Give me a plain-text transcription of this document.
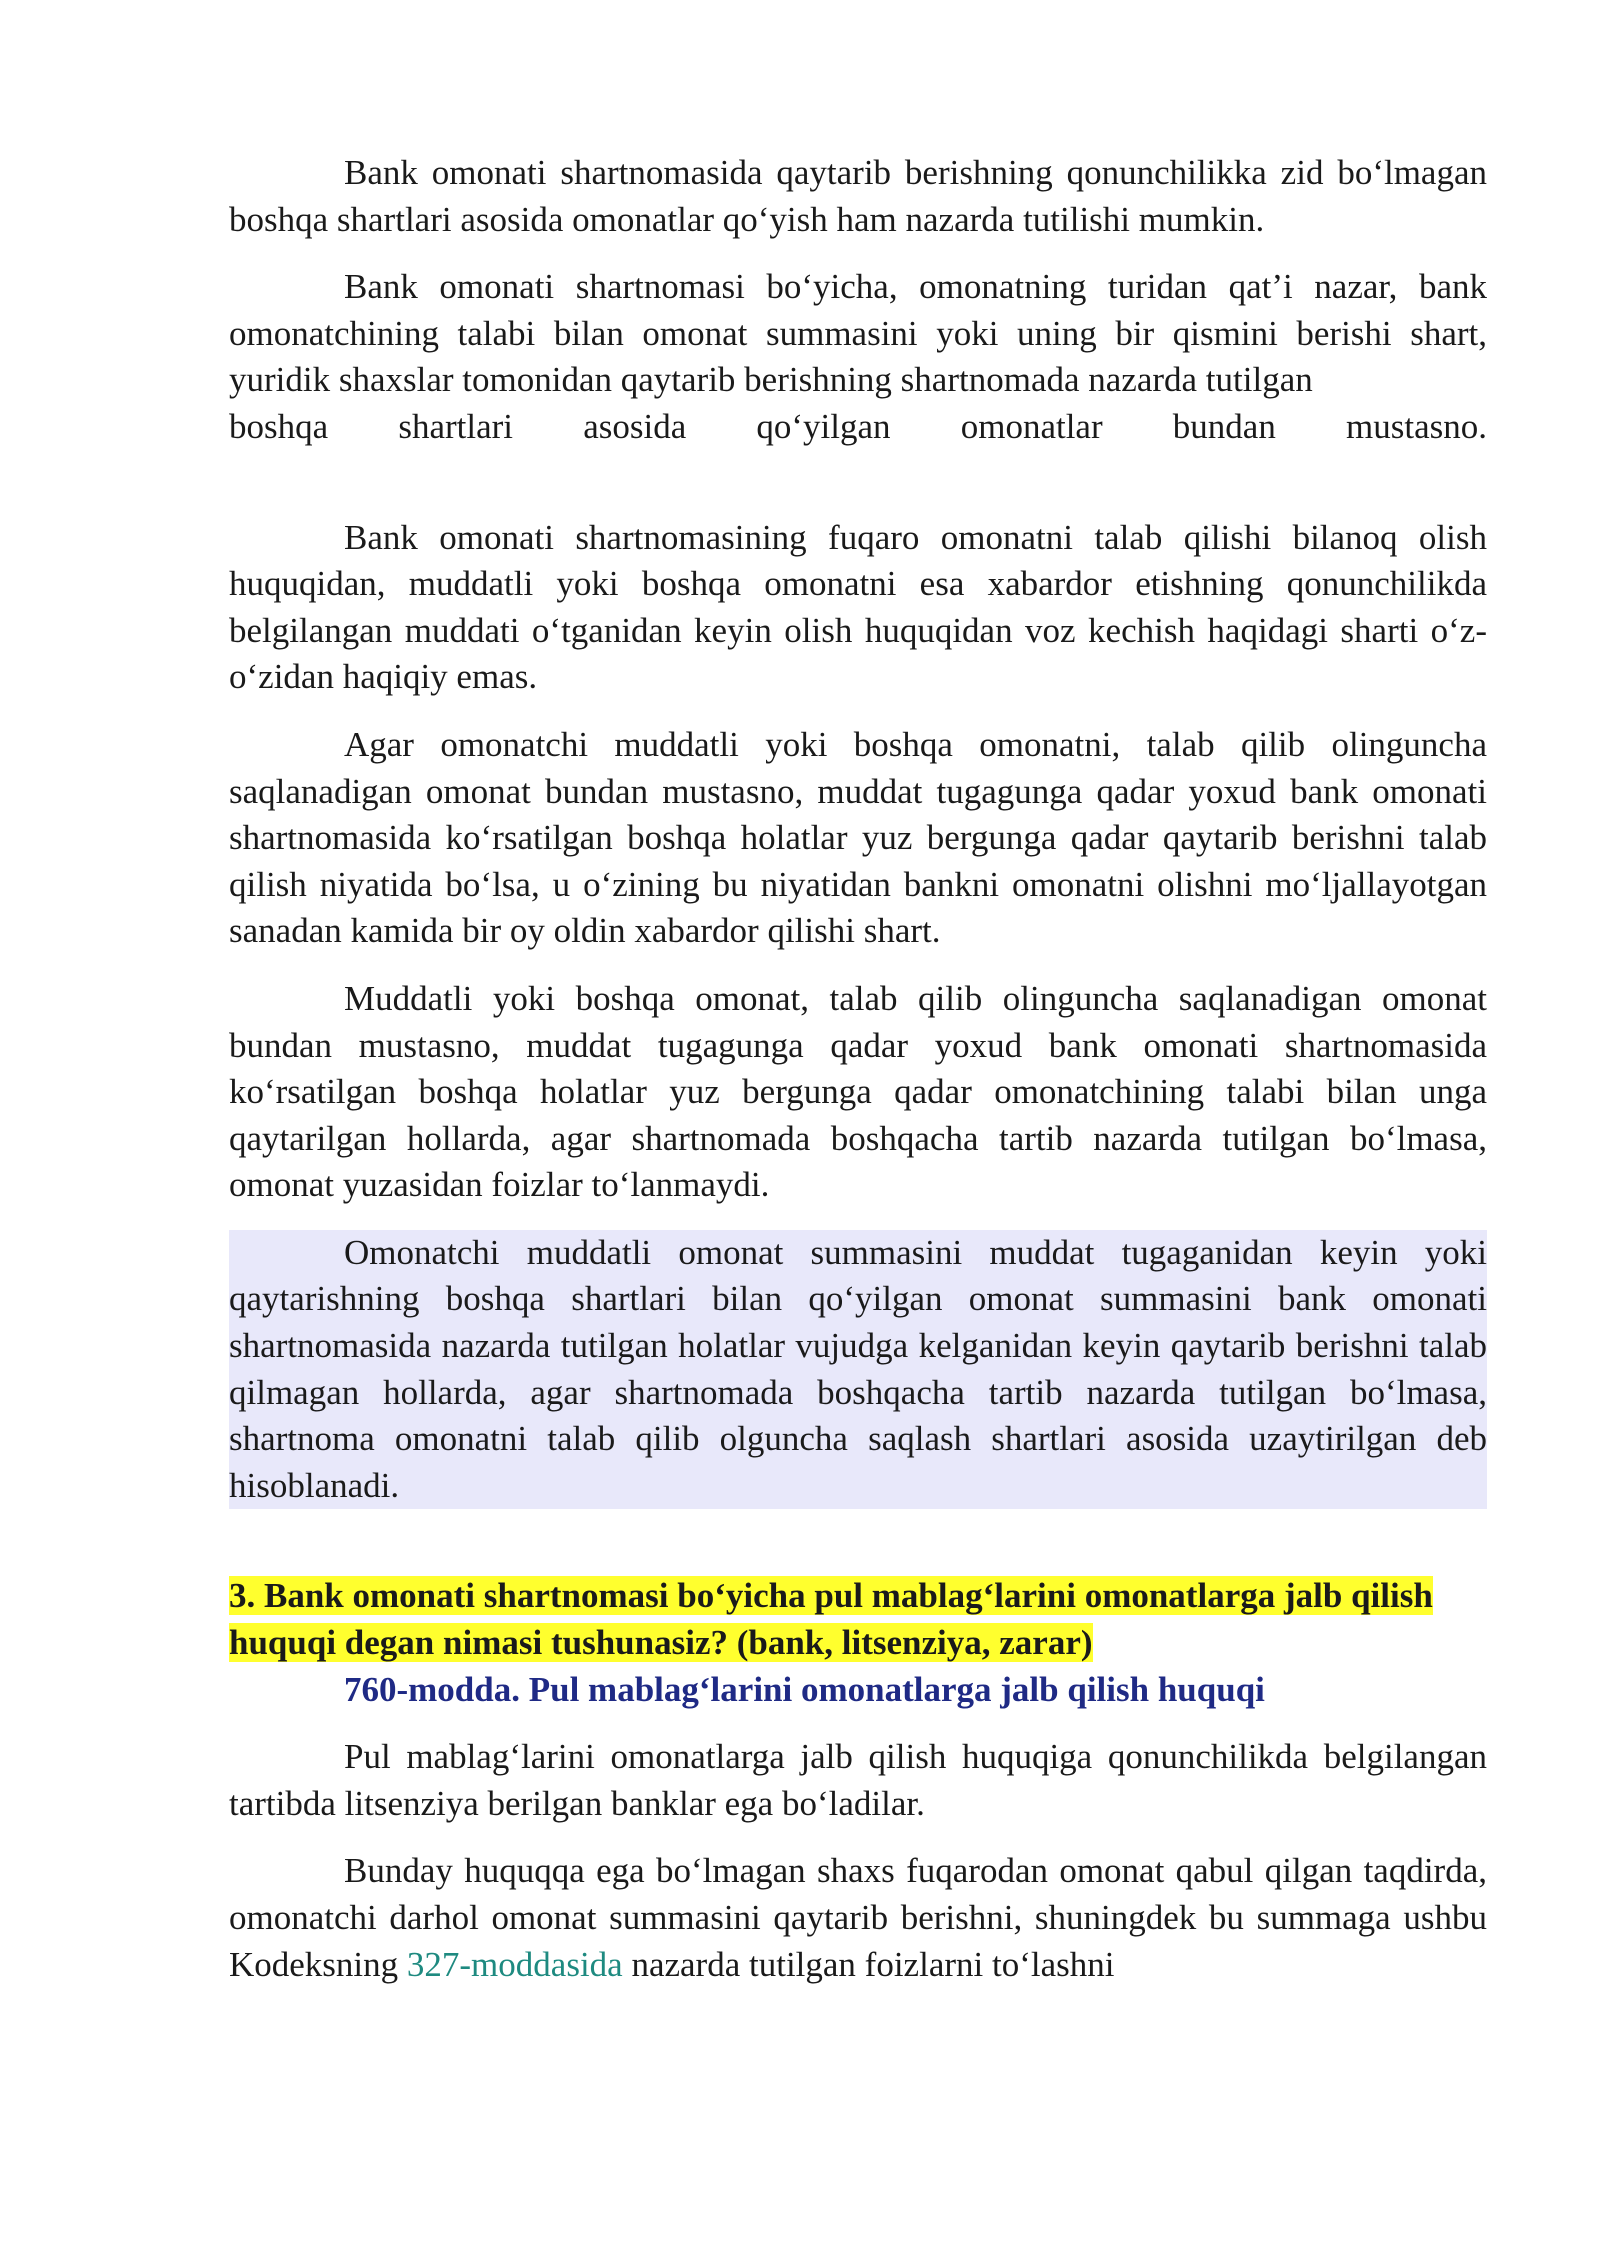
Bank omonati shartnomasida qaytarib berishning qonunchilikka zid bo‘lmagan boshqa shartlari asosida omonatlar qo‘yish ham nazarda tutilishi mumkin.

Bank omonati shartnomasi bo‘yicha, omonatning turidan qat’i nazar, bank omonatchining talabi bilan omonat summasini yoki uning bir qismini berishi shart, yuridik shaxslar tomonidan qaytarib berishning shartnomada nazarda tutilgan

boshqa shartlari asosida qo‘yilgan omonatlar bundan mustasno.

Bank omonati shartnomasining fuqaro omonatni talab qilishi bilanoq olish huquqidan, muddatli yoki boshqa omonatni esa xabardor etishning qonunchilikda belgilangan muddati o‘tganidan keyin olish huquqidan voz kechish haqidagi sharti o‘z-o‘zidan haqiqiy emas.

Agar omonatchi muddatli yoki boshqa omonatni, talab qilib olinguncha saqlanadigan omonat bundan mustasno, muddat tugagunga qadar yoxud bank omonati shartnomasida ko‘rsatilgan boshqa holatlar yuz bergunga qadar qaytarib berishni talab qilish niyatida bo‘lsa, u o‘zining bu niyatidan bankni omonatni olishni mo‘ljallayotgan sanadan kamida bir oy oldin xabardor qilishi shart.

Muddatli yoki boshqa omonat, talab qilib olinguncha saqlanadigan omonat bundan mustasno, muddat tugagunga qadar yoxud bank omonati shartnomasida ko‘rsatilgan boshqa holatlar yuz bergunga qadar omonatchining talabi bilan unga qaytarilgan hollarda, agar shartnomada boshqacha tartib nazarda tutilgan bo‘lmasa, omonat yuzasidan foizlar to‘lanmaydi.

Omonatchi muddatli omonat summasini muddat tugaganidan keyin yoki qaytarishning boshqa shartlari bilan qo‘yilgan omonat summasini bank omonati shartnomasida nazarda tutilgan holatlar vujudga kelganidan keyin qaytarib berishni talab qilmagan hollarda, agar shartnomada boshqacha tartib nazarda tutilgan bo‘lmasa, shartnoma omonatni talab qilib olguncha saqlash shartlari asosida uzaytirilgan deb hisoblanadi.

3. Bank omonati shartnomasi bo‘yicha pul mablag‘larini omonatlarga jalb qilish huquqi degan nimasi tushunasiz? (bank, litsenziya, zarar)

760-modda. Pul mablag‘larini omonatlarga jalb qilish huquqi

Pul mablag‘larini omonatlarga jalb qilish huquqiga qonunchilikda belgilangan tartibda litsenziya berilgan banklar ega bo‘ladilar.

Bunday huquqqa ega bo‘lmagan shaxs fuqarodan omonat qabul qilgan taqdirda, omonatchi darhol omonat summasini qaytarib berishni, shuningdek bu summaga ushbu Kodeksning 327-moddasida nazarda tutilgan foizlarni to‘lashni
